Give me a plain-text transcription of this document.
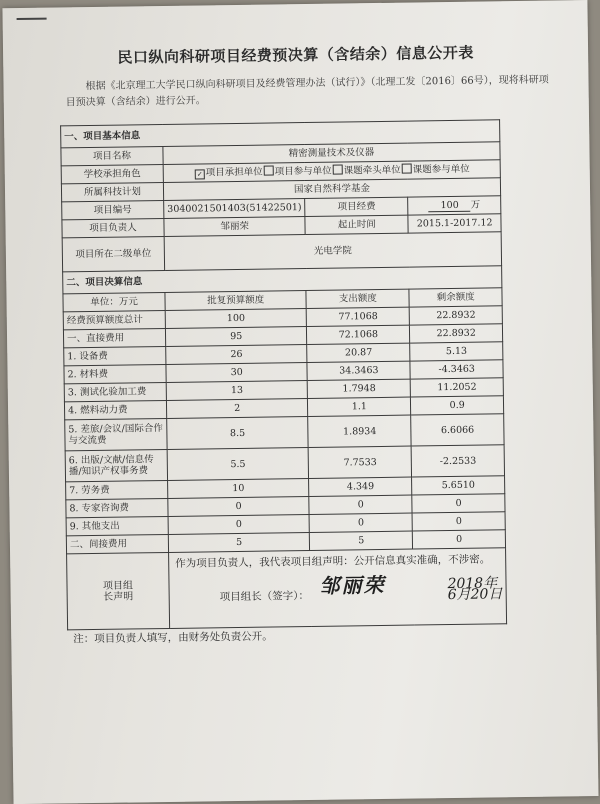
民口纵向科研项目经费预决算（含结余）信息公开表
根据《北京理工大学民口纵向科研项目及经费管理办法（试行）》（北理工发〔2016〕66号），现将科研项目预决算（含结余）进行公开。
一、项目基本信息			
项目名称	精密测量技术及仪器		
学校承担角色	✓ 项目承担单位 项目参与单位 课题牵头单位 课题参与单位		
所属科技计划	国家自然科学基金		
项目编号	3040021501403(51422501)	项目经费	100 万
项目负责人	邹丽荣	起止时间	2015.1-2017.12
项目所在二级单位	光电学院		
二、项目决算信息			
单位：万元	批复预算额度	支出额度	剩余额度
经费预算额度总计	100	77.1068	22.8932
一、直接费用	95	72.1068	22.8932
1. 设备费	26	20.87	5.13
2. 材料费	30	34.3463	-4.3463
3. 测试化验加工费	13	1.7948	11.2052
4. 燃料动力费	2	1.1	0.9
5. 差旅/会议/国际合作与交流费	8.5	1.8934	6.6066
6. 出版/文献/信息传播/知识产权事务费	5.5	7.7533	-2.2533
7. 劳务费	10	4.349	5.6510
8. 专家咨询费	0	0	0
9. 其他支出	0	0	0
二、间接费用	5	5	0
项目组长声明	作为项目负责人，我代表项目组声明：公开信息真实准确，不涉密。
项目组长（签字）： 邹丽荣 2018年 6月20日		
注：项目负责人填写，由财务处负责公开。
